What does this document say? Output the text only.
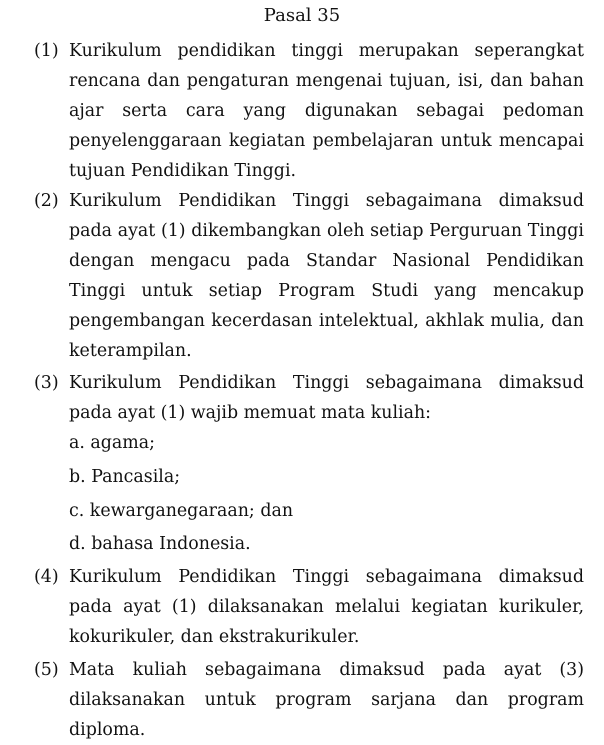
Pasal 35
(1) Kurikulum pendidikan tinggi merupakan seperangkat rencana dan pengaturan mengenai tujuan, isi, dan bahan ajar serta cara yang digunakan sebagai pedoman penyelenggaraan kegiatan pembelajaran untuk mencapai tujuan Pendidikan Tinggi.
(2) Kurikulum Pendidikan Tinggi sebagaimana dimaksud pada ayat (1) dikembangkan oleh setiap Perguruan Tinggi dengan mengacu pada Standar Nasional Pendidikan Tinggi untuk setiap Program Studi yang mencakup pengembangan kecerdasan intelektual, akhlak mulia, dan keterampilan.
(3) Kurikulum Pendidikan Tinggi sebagaimana dimaksud pada ayat (1) wajib memuat mata kuliah:
a. agama;
b. Pancasila;
c. kewarganegaraan; dan
d. bahasa Indonesia.
(4) Kurikulum Pendidikan Tinggi sebagaimana dimaksud pada ayat (1) dilaksanakan melalui kegiatan kurikuler, kokurikuler, dan ekstrakurikuler.
(5) Mata kuliah sebagaimana dimaksud pada ayat (3) dilaksanakan untuk program sarjana dan program diploma.
